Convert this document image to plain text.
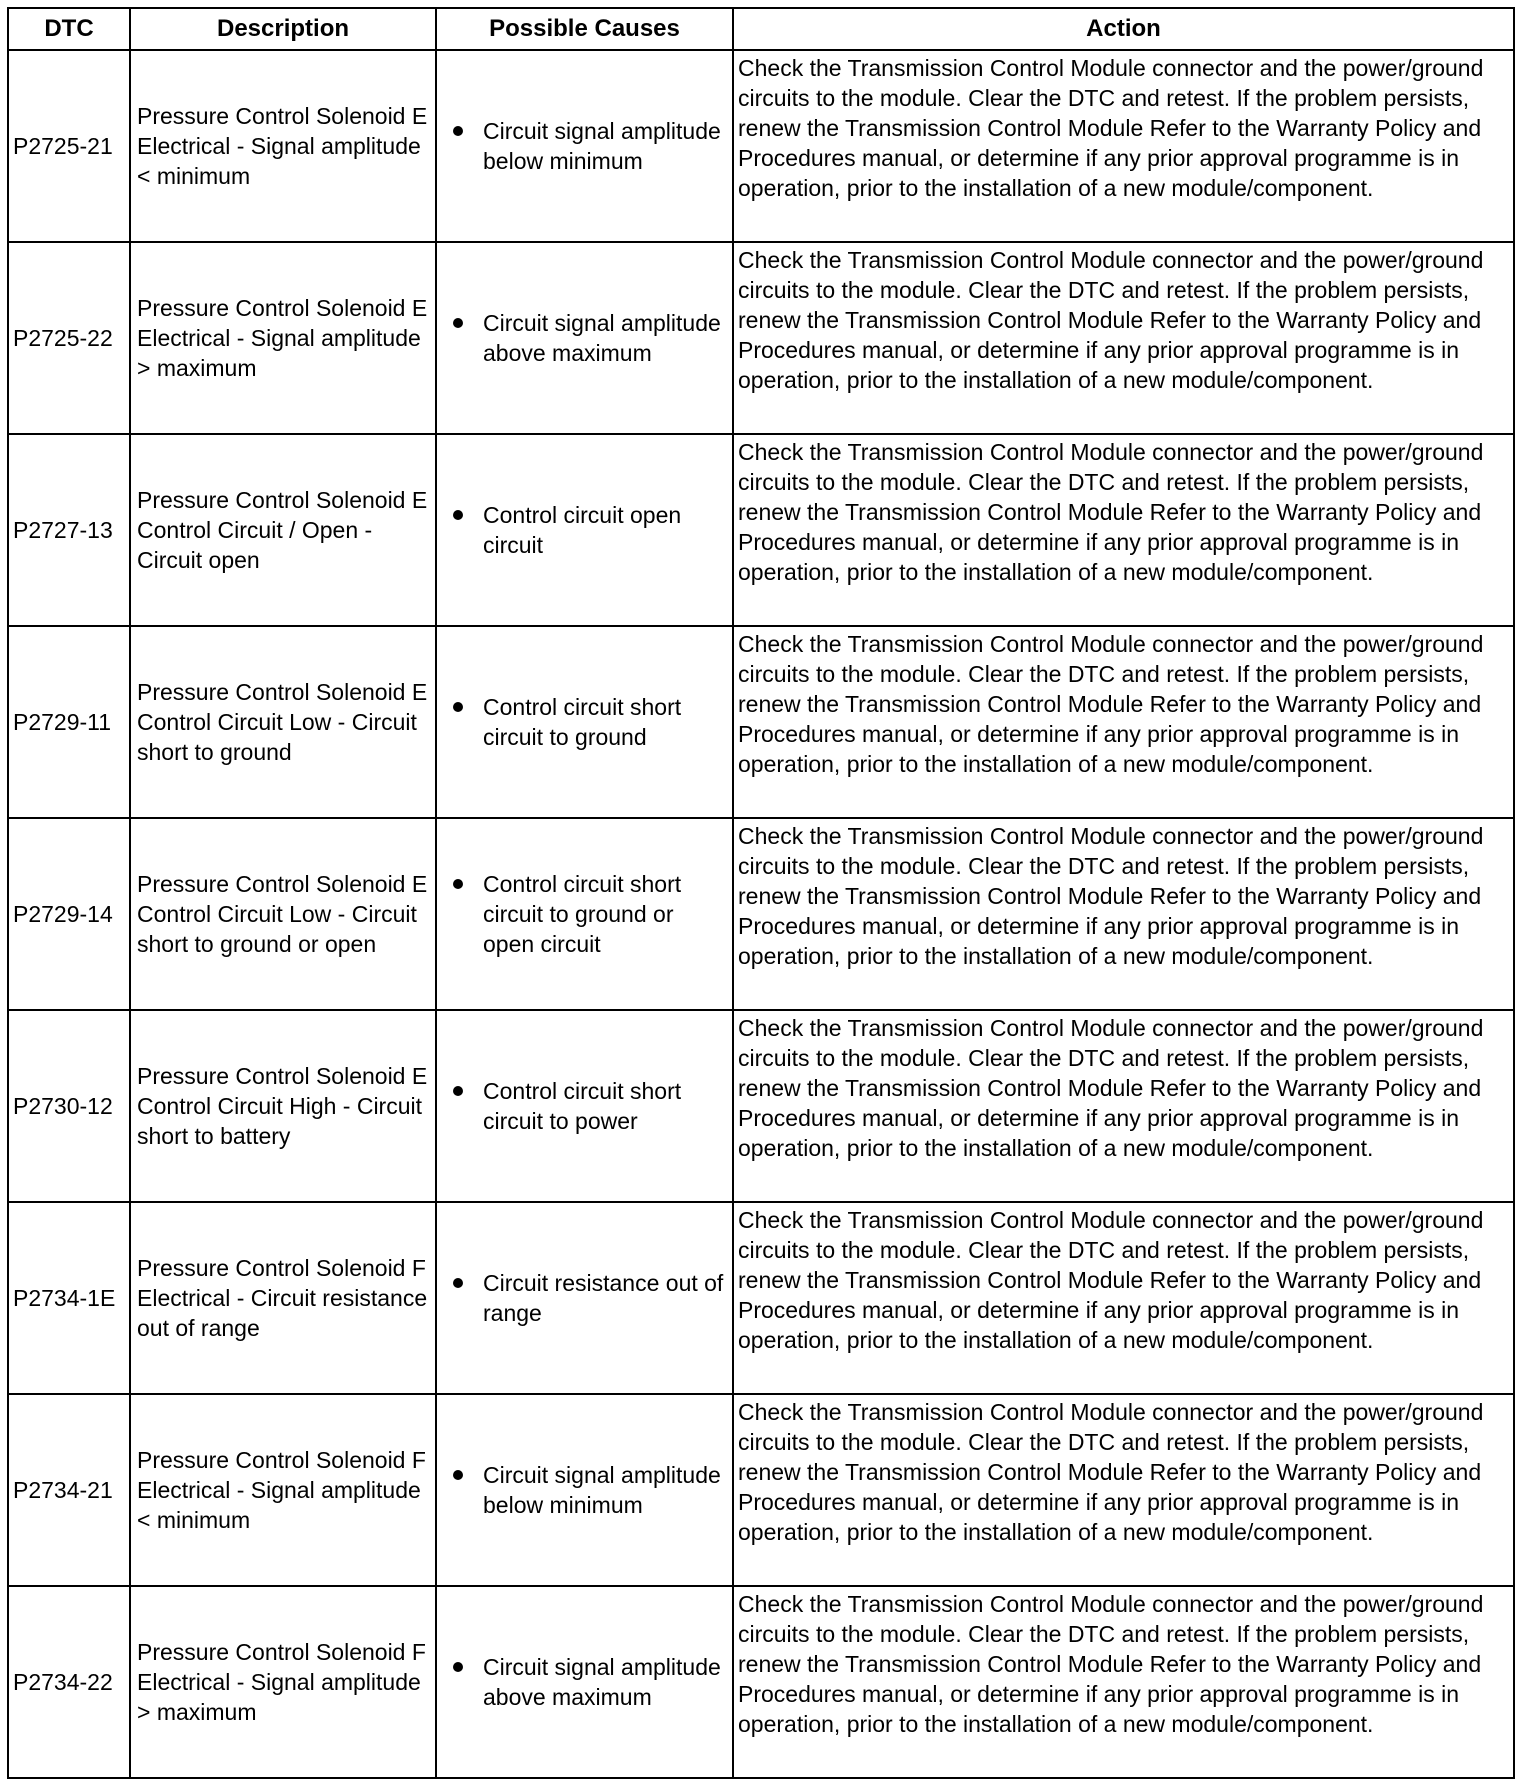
DTC	Description	Possible Causes	Action
P2725-21	Pressure Control Solenoid E Electrical - Signal amplitude < minimum	Circuit signal amplitude below minimum	Check the Transmission Control Module connector and the power/ground circuits to the module. Clear the DTC and retest. If the problem persists, renew the Transmission Control Module Refer to the Warranty Policy and Procedures manual, or determine if any prior approval programme is in operation, prior to the installation of a new module/component.

P2725-22	Pressure Control Solenoid E Electrical - Signal amplitude > maximum	Circuit signal amplitude above maximum	Check the Transmission Control Module connector and the power/ground circuits to the module. Clear the DTC and retest. If the problem persists, renew the Transmission Control Module Refer to the Warranty Policy and Procedures manual, or determine if any prior approval programme is in operation, prior to the installation of a new module/component.

P2727-13	Pressure Control Solenoid E Control Circuit / Open - Circuit open	Control circuit open circuit	Check the Transmission Control Module connector and the power/ground circuits to the module. Clear the DTC and retest. If the problem persists, renew the Transmission Control Module Refer to the Warranty Policy and Procedures manual, or determine if any prior approval programme is in operation, prior to the installation of a new module/component.

P2729-11	Pressure Control Solenoid E Control Circuit Low - Circuit short to ground	Control circuit short circuit to ground	Check the Transmission Control Module connector and the power/ground circuits to the module. Clear the DTC and retest. If the problem persists, renew the Transmission Control Module Refer to the Warranty Policy and Procedures manual, or determine if any prior approval programme is in operation, prior to the installation of a new module/component.

P2729-14	Pressure Control Solenoid E Control Circuit Low - Circuit short to ground or open	Control circuit short circuit to ground or open circuit	Check the Transmission Control Module connector and the power/ground circuits to the module. Clear the DTC and retest. If the problem persists, renew the Transmission Control Module Refer to the Warranty Policy and Procedures manual, or determine if any prior approval programme is in operation, prior to the installation of a new module/component.

P2730-12	Pressure Control Solenoid E Control Circuit High - Circuit short to battery	Control circuit short circuit to power	Check the Transmission Control Module connector and the power/ground circuits to the module. Clear the DTC and retest. If the problem persists, renew the Transmission Control Module Refer to the Warranty Policy and Procedures manual, or determine if any prior approval programme is in operation, prior to the installation of a new module/component.

P2734-1E	Pressure Control Solenoid F Electrical - Circuit resistance out of range	Circuit resistance out of range	Check the Transmission Control Module connector and the power/ground circuits to the module. Clear the DTC and retest. If the problem persists, renew the Transmission Control Module Refer to the Warranty Policy and Procedures manual, or determine if any prior approval programme is in operation, prior to the installation of a new module/component.

P2734-21	Pressure Control Solenoid F Electrical - Signal amplitude < minimum	Circuit signal amplitude below minimum	Check the Transmission Control Module connector and the power/ground circuits to the module. Clear the DTC and retest. If the problem persists, renew the Transmission Control Module Refer to the Warranty Policy and Procedures manual, or determine if any prior approval programme is in operation, prior to the installation of a new module/component.

P2734-22	Pressure Control Solenoid F Electrical - Signal amplitude > maximum	Circuit signal amplitude above maximum	Check the Transmission Control Module connector and the power/ground circuits to the module. Clear the DTC and retest. If the problem persists, renew the Transmission Control Module Refer to the Warranty Policy and Procedures manual, or determine if any prior approval programme is in operation, prior to the installation of a new module/component.
